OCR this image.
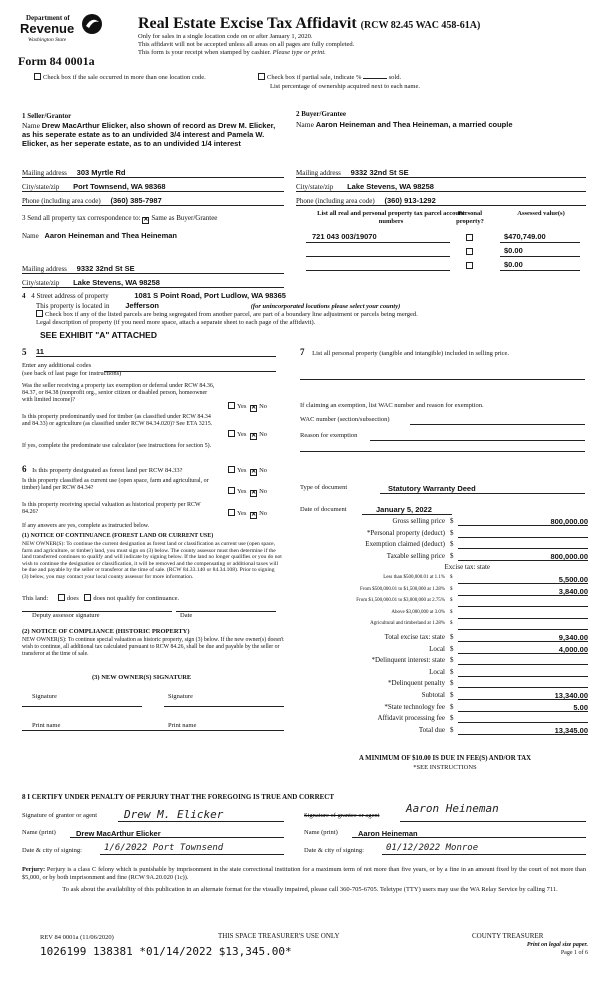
Department of
Revenue
Washington State
Form 84 0001a
Real Estate Excise Tax Affidavit (RCW 82.45 WAC 458-61A)
Only for sales in a single location code on or after January 1, 2020.
This affidavit will not be accepted unless all areas on all pages are fully completed.
This form is your receipt when stamped by cashier. Please type or print.
Check box if the sale occurred in more than one location code.	Check box if partial sale, indicate %	sold.
List percentage of ownership acquired next to each name.
1 Seller/Grantor
Name Drew MacArthur Elicker, also shown of record as Drew M. Elicker, as his seperate estate as to an undivided 3/4 interest and Pamela W. Elicker, as her seperate estate, as to an undivided 1/4 interest
Mailing address 303 Myrtle Rd
City/state/zip Port Townsend, WA 98368
Phone (including area code) (360) 385-7987
2 Buyer/Grantee
Name Aaron Heineman and Thea Heineman, a married couple
Mailing address 9332 32nd St SE
City/state/zip Lake Stevens, WA 98258
Phone (including area code) (360) 913-1292
3 Send all property tax correspondence to: ✕ Same as Buyer/Grantee
Name Aaron Heineman and Thea Heineman
Mailing address 9332 32nd St SE
City/state/zip Lake Stevens, WA 98258
List all real and personal property tax parcel account numbers
Personal property?
Assessed value(s)
721 043 003/19070	$470,749.00
$0.00
$0.00
4 4 Street address of property	1081 S Point Road, Port Ludlow, WA 98365
This property is located in Jefferson	(for unincorporated locations please select your county)
Check box if any of the listed parcels are being segregated from another parcel, are part of a boundary line adjustment or parcels being merged.
Legal description of property (if you need more space, attach a separate sheet to each page of the affidavit).
SEE EXHIBIT "A" ATTACHED
5 11
Enter any additional codes
(see back of last page for instructions)
Was the seller receiving a property tax exemption or deferral under RCW 84.36, 84.37, or 84.38 (nonprofit org., senior citizen or disabled person, homeowner with limited income)?
Yes ✕ No
Is this property predominantly used for timber (as classified under RCW 84.34 and 84.33) or agriculture (as classified under RCW 84.34.020)? See ETA 3215.
Yes ✕ No
If yes, complete the predominate use calculator (see instructions for section 5).
6 Is this property designated as forest land per RCW 84.33?	Yes ✕ No
Is this property classified as current use (open space, farm and agricultural, or timber) land per RCW 84.34?	Yes ✕ No
Is this property receiving special valuation as historical property per RCW 84.26?	Yes ✕ No
If any answers are yes, complete as instructed below.
(1) NOTICE OF CONTINUANCE (FOREST LAND OR CURRENT USE)
NEW OWNER(S): To continue the current designation as forest land or classification as current use (open space, farm and agriculture, or timber) land, you must sign on (3) below. The county assessor must then determine if the land transferred continues to qualify and will indicate by signing below. If the land no longer qualifies or you do not wish to continue the designation or classification, it will be removed and the compensating or additional taxes will be due and payable by the seller or transferor at the time of sale. (RCW 84.33.140 or 84.34.108). Prior to signing (3) below, you may contact your local county assessor for more information.
This land:	does does not qualify for continuance.
Deputy assessor signature	Date
(2) NOTICE OF COMPLIANCE (HISTORIC PROPERTY)
NEW OWNER(S): To continue special valuation as historic property, sign (3) below. If the new owner(s) doesn't wish to continue, all additional tax calculated pursuant to RCW 84.26, shall be due and payable by the seller or transferor at the time of sale.
(3) NEW OWNER(S) SIGNATURE
Signature	Signature
Print name	Print name
7 List all personal property (tangible and intangible) included in selling price.
If claiming an exemption, list WAC number and reason for exemption.
WAC number (section/subsection)
Reason for exemption
Type of document	Statutory Warranty Deed
Date of document	January 5, 2022
Gross selling price $	800,000.00
*Personal property (deduct) $
Exemption claimed (deduct) $
Taxable selling price $	800,000.00
Excise tax: state
Less than $500,000.01 at 1.1% $	5,500.00
From $500,000.01 to $1,500,000 at 1.28% $	3,840.00
From $1,500,000.01 to $3,000,000 at 2.75% $
Above $3,000,000 at 3.0% $
Agricultural and timberland at 1.28% $
Total excise tax: state $	9,340.00
Local $	4,000.00
*Delinquent interest: state $
Local $
*Delinquent penalty $
Subtotal $	13,340.00
*State technology fee $	5.00
Affidavit processing fee $
Total due $	13,345.00
A MINIMUM OF $10.00 IS DUE IN FEE(S) AND/OR TAX
*SEE INSTRUCTIONS
8 I CERTIFY UNDER PENALTY OF PERJURY THAT THE FOREGOING IS TRUE AND CORRECT
Signature of grantor or agent	Drew M. Elicker	Signature of grantee or agent
Aaron Heineman
Name (print)	Drew MacArthur Elicker	Name (print)	Aaron Heineman
Date & city of signing:	1/6/2022 Port Townsend	Date & city of signing:	01/12/2022 Monroe
Perjury: Perjury is a class C felony which is punishable by imprisonment in the state correctional institution for a maximum term of not more than five years, or by a fine in an amount fixed by the court of not more than $5,000, or by both imprisonment and fine (RCW 9A.20.020 (1c)).
To ask about the availability of this publication in an alternate format for the visually impaired, please call 360-705-6705. Teletype (TTY) users may use the WA Relay Service by calling 711.
REV 84 0001a (11/06/2020)	THIS SPACE TREASURER'S USE ONLY	COUNTY TREASURER
Print on legal size paper.
Page 1 of 6
1026199 138381 *01/14/2022 $13,345.00*
